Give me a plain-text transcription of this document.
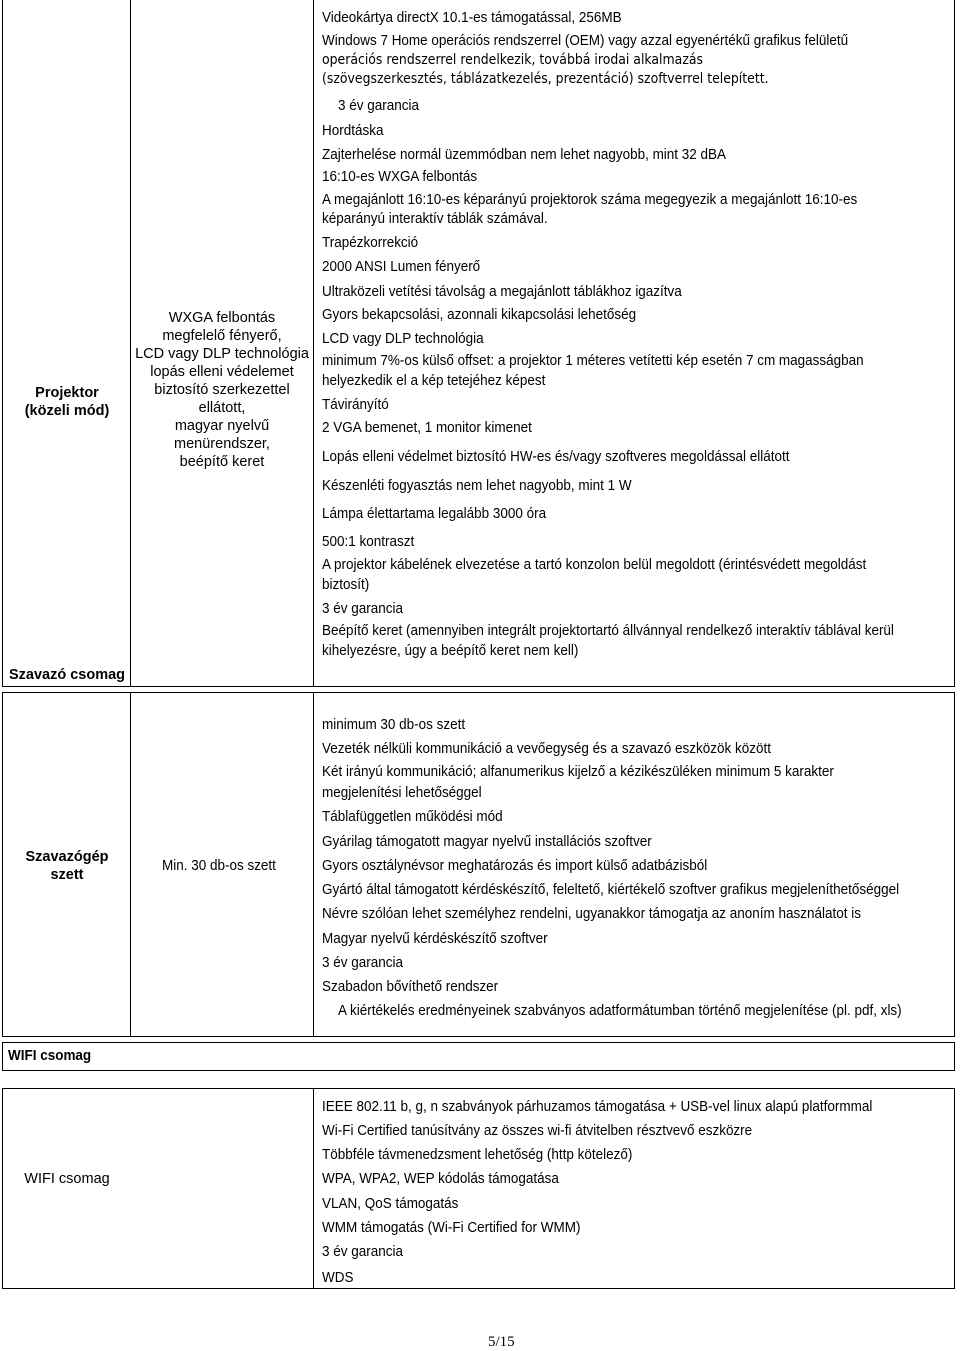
Projektor
(közeli mód)
Szavazó csomag
WXGA felbontás
megfelelő fényerő,
LCD vagy DLP technológia
lopás elleni védelemet
biztosító szerkezettel
ellátott,
magyar nyelvű
menürendszer,
beépítő keret
Videokártya directX 10.1-es támogatással, 256MB
Windows 7 Home operációs rendszerrel (OEM) vagy azzal egyenértékű grafikus felületű
operációs rendszerrel rendelkezik, továbbá irodai alkalmazás
(szövegszerkesztés, táblázatkezelés, prezentáció) szoftverrel telepített.
3 év garancia
Hordtáska
Zajterhelése normál üzemmódban nem lehet nagyobb, mint 32 dBA
16:10-es WXGA felbontás
A megajánlott 16:10-es képarányú projektorok száma megegyezik a megajánlott 16:10-es
képarányú interaktív táblák számával.
Trapézkorrekció
2000 ANSI Lumen fényerő
Ultraközeli vetítési távolság a megajánlott táblákhoz igazítva
Gyors bekapcsolási, azonnali kikapcsolási lehetőség
LCD vagy DLP technológia
minimum 7%-os külső offset: a projektor 1 méteres vetítetti kép esetén 7 cm magasságban
helyezkedik el a kép tetejéhez képest
Távirányító
2 VGA bemenet, 1 monitor kimenet
Lopás elleni védelmet biztosító HW-es és/vagy szoftveres megoldással ellátott
Készenléti fogyasztás nem lehet nagyobb, mint 1 W
Lámpa élettartama legalább 3000 óra
500:1 kontraszt
A projektor kábelének elvezetése a tartó konzolon belül megoldott (érintésvédett megoldást
biztosít)
3 év garancia
Beépítő keret (amennyiben integrált projektortartó állvánnyal rendelkező interaktív táblával kerül
kihelyezésre, úgy a beépítő keret nem kell)
Szavazógép
szett
Min. 30 db-os szett
minimum 30 db-os szett
Vezeték nélküli kommunikáció a vevőegység és a szavazó eszközök között
Két irányú kommunikáció; alfanumerikus kijelző a kézikészüléken minimum 5 karakter
megjelenítési lehetőséggel
Táblafüggetlen működési mód
Gyárilag támogatott magyar nyelvű installációs szoftver
Gyors osztálynévsor meghatározás és import külső adatbázisból
Gyártó által támogatott kérdéskészítő, feleltető, kiértékelő szoftver grafikus megjeleníthetőséggel
Névre szólóan lehet személyhez rendelni, ugyanakkor támogatja az anoním használatot is
Magyar nyelvű kérdéskészítő szoftver
3 év garancia
Szabadon bővíthető rendszer
A kiértékelés eredményeinek szabványos adatformátumban történő megjelenítése (pl. pdf, xls)
WIFI csomag
WIFI csomag
IEEE 802.11 b, g, n szabványok párhuzamos támogatása + USB-vel linux alapú platformmal
Wi-Fi Certified tanúsítvány az összes wi-fi átvitelben résztvevő eszközre
Többféle távmenedzsment lehetőség (http kötelező)
WPA, WPA2, WEP kódolás támogatása
VLAN, QoS támogatás
WMM támogatás (Wi-Fi Certified for WMM)
3 év garancia
WDS
5/15
